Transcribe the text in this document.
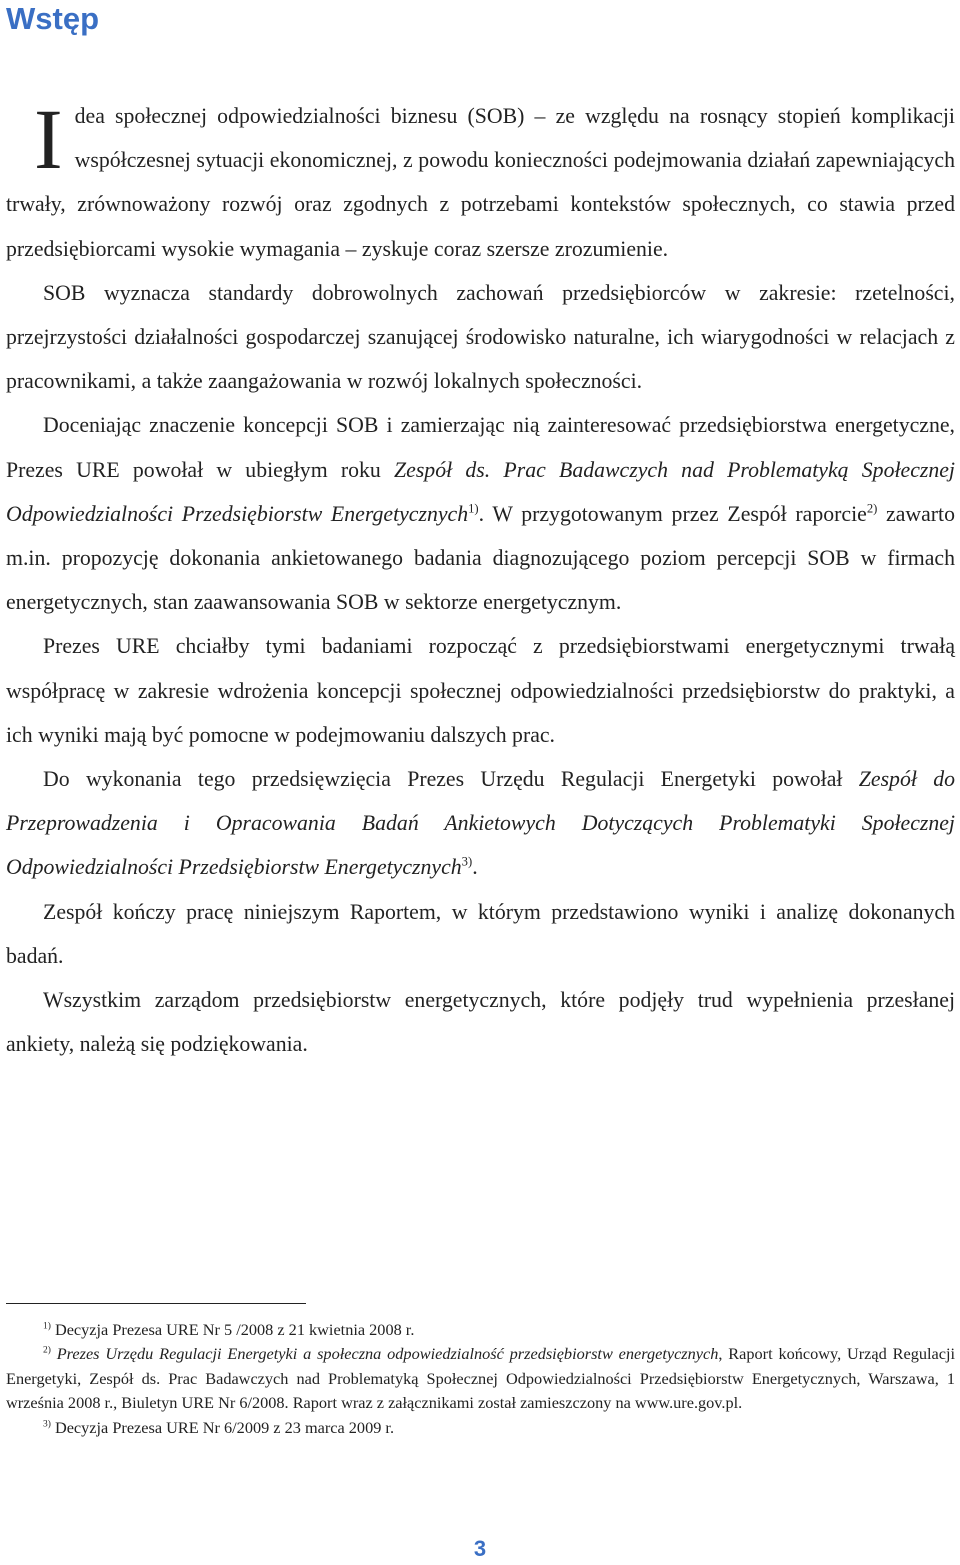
Wstęp

Idea społecznej odpowiedzialności biznesu (SOB) – ze względu na rosnący stopień komplikacji współczesnej sytuacji ekonomicznej, z powodu konieczności podejmowania działań zapewniających trwały, zrównoważony rozwój oraz zgodnych z potrzebami kontekstów społecznych, co stawia przed przedsiębiorcami wysokie wymagania – zyskuje coraz szersze zrozumienie.

SOB wyznacza standardy dobrowolnych zachowań przedsiębiorców w zakresie: rzetelności, przejrzystości działalności gospodarczej szanującej środowisko naturalne, ich wiarygodności w relacjach z pracownikami, a także zaangażowania w rozwój lokalnych społeczności.

Doceniając znaczenie koncepcji SOB i zamierzając nią zainteresować przedsiębiorstwa energetyczne, Prezes URE powołał w ubiegłym roku Zespół ds. Prac Badawczych nad Problematyką Społecznej Odpowiedzialności Przedsiębiorstw Energetycznych$^{1)}$. W przygotowanym przez Zespół raporcie$^{2)}$ zawarto m.in. propozycję dokonania ankietowanego badania diagnozującego poziom percepcji SOB w firmach energetycznych, stan zaawansowania SOB w sektorze energetycznym.

Prezes URE chciałby tymi badaniami rozpocząć z przedsiębiorstwami energetycznymi trwałą współpracę w zakresie wdrożenia koncepcji społecznej odpowiedzialności przedsiębiorstw do praktyki, a ich wyniki mają być pomocne w podejmowaniu dalszych prac.

Do wykonania tego przedsięwzięcia Prezes Urzędu Regulacji Energetyki powołał Zespół do Przeprowadzenia i Opracowania Badań Ankietowych Dotyczących Problematyki Społecznej Odpowiedzialności Przedsiębiorstw Energetycznych$^{3)}$.

Zespół kończy pracę niniejszym Raportem, w którym przedstawiono wyniki i analizę dokonanych badań.

Wszystkim zarządom przedsiębiorstw energetycznych, które podjęły trud wypełnienia przesłanej ankiety, należą się podziękowania.

$^{1)}$ Decyzja Prezesa URE Nr 5 /2008 z 21 kwietnia 2008 r.

$^{2)}$ Prezes Urzędu Regulacji Energetyki a społeczna odpowiedzialność przedsiębiorstw energetycznych, Raport końcowy, Urząd Regulacji Energetyki, Zespół ds. Prac Badawczych nad Problematyką Społecznej Odpowiedzialności Przedsiębiorstw Energetycznych, Warszawa, 1 września 2008 r., Biuletyn URE Nr 6/2008. Raport wraz z załącznikami został zamieszczony na www.ure.gov.pl.

$^{3)}$ Decyzja Prezesa URE Nr 6/2009 z 23 marca 2009 r.

3
